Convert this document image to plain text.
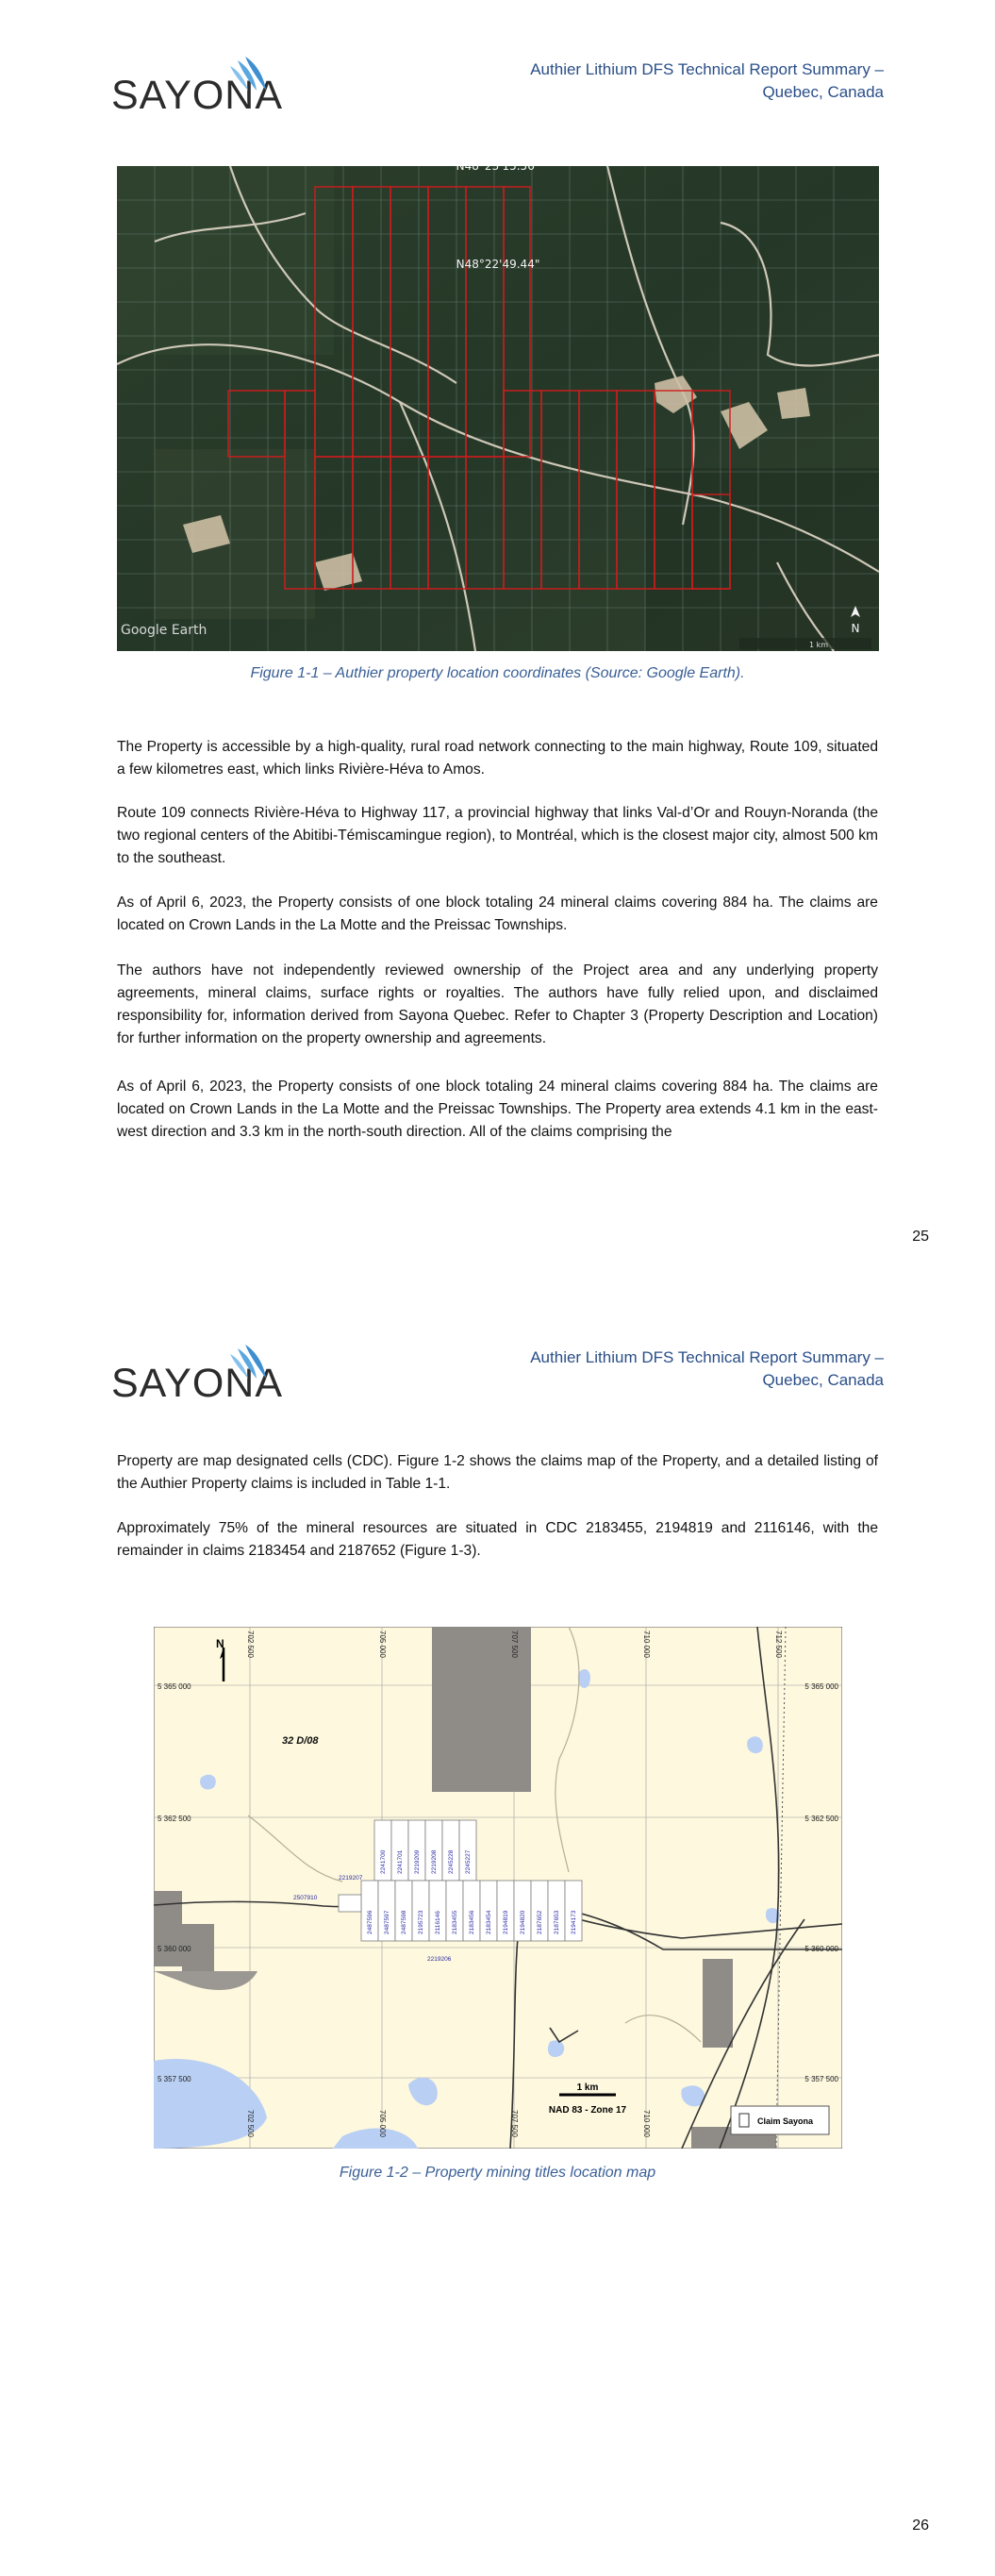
SAYONA
Authier Lithium DFS Technical Report Summary –
Quebec, Canada
N48°23'15.56"
N48°22'49.44"
Google Earth
1 km
N
Figure 1-1 – Authier property location coordinates (Source: Google Earth).

The Property is accessible by a high-quality, rural road network connecting to the main highway, Route 109, situated a few kilometres east, which links Rivière-Héva to Amos.

Route 109 connects Rivière-Héva to Highway 117, a provincial highway that links Val-d’Or and Rouyn-Noranda (the two regional centers of the Abitibi-Témiscamingue region), to Montréal, which is the closest major city, almost 500 km to the southeast.

As of April 6, 2023, the Property consists of one block totaling 24 mineral claims covering 884 ha. The claims are located on Crown Lands in the La Motte and the Preissac Townships.

The authors have not independently reviewed ownership of the Project area and any underlying property agreements, mineral claims, surface rights or royalties. The authors have fully relied upon, and disclaimed responsibility for, information derived from Sayona Quebec. Refer to Chapter 3 (Property Description and Location) for further information on the property ownership and agreements.

As of April 6, 2023, the Property consists of one block totaling 24 mineral claims covering 884 ha. The claims are located on Crown Lands in the La Motte and the Preissac Townships. The Property area extends 4.1 km in the east-west direction and 3.3 km in the north-south direction. All of the claims comprising the

25
SAYONA
Authier Lithium DFS Technical Report Summary –
Quebec, Canada

Property are map designated cells (CDC). Figure 1-2 shows the claims map of the Property, and a detailed listing of the Authier Property claims is included in Table 1-1.

Approximately 75% of the mineral resources are situated in CDC 2183455, 2194819 and 2116146, with the remainder in claims 2183454 and 2187652 (Figure 1-3).

2241700 2241701 2219209 2219208 2245228 2245227
2487596 2487597 2487598 2195723 2116146 2183455 2183456 2183454 2194819 2194820 2187652 2187653 2194173
2219207
2507910
2219206
702 500	705 000	707 500	710 000	712 500
702 500	705 000	707 500	710 000
5 365 000
5 362 500
5 360 000
5 357 500
5 365 000
5 362 500
5 360 000
5 357 500
N
32 D/08
1 km
NAD 83 - Zone 17
Claim Sayona
Figure 1-2 – Property mining titles location map
26
